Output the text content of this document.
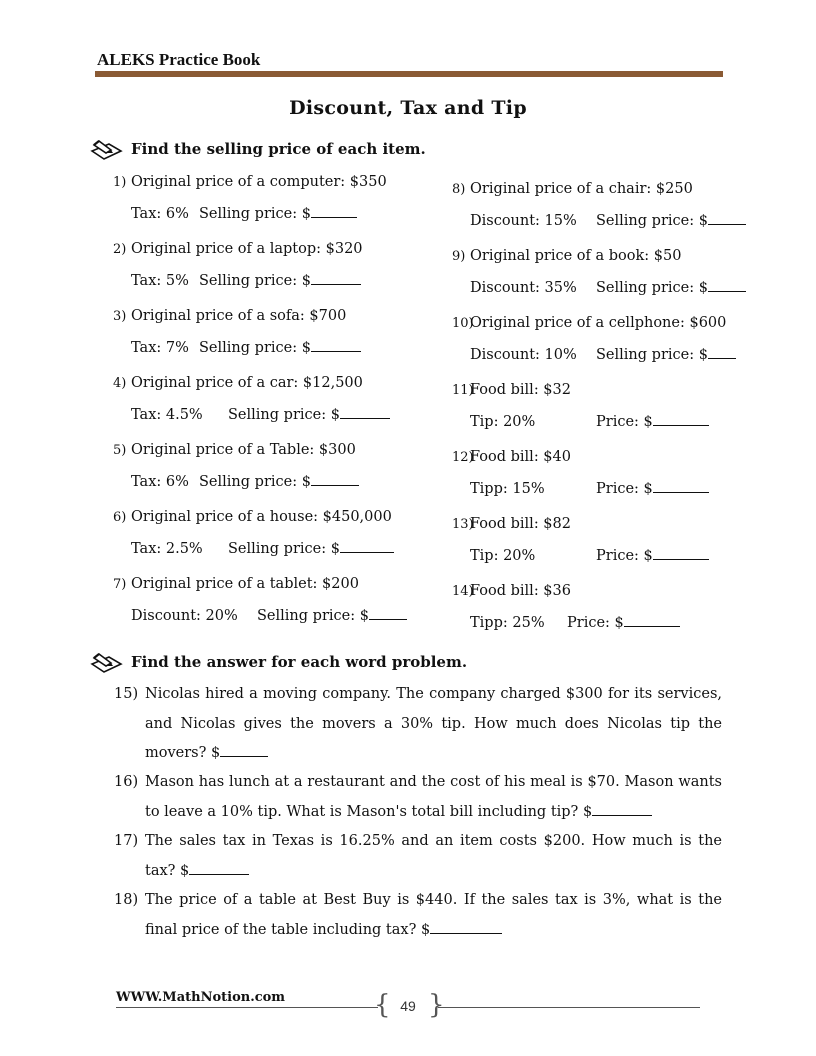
ALEKS Practice Book
Discount, Tax and Tip
Find the selling price of each item.
1) Original price of a computer: $350
Tax: 6% Selling price: $
2) Original price of a laptop: $320
Tax: 5% Selling price: $
3) Original price of a sofa: $700
Tax: 7% Selling price: $
4) Original price of a car: $12,500
Tax: 4.5% Selling price: $
5) Original price of a Table: $300
Tax: 6% Selling price: $
6) Original price of a house: $450,000
Tax: 2.5% Selling price: $
7) Original price of a tablet: $200
Discount: 20% Selling price: $
8) Original price of a chair: $250
Discount: 15% Selling price: $
9) Original price of a book: $50
Discount: 35% Selling price: $
10)Original price of a cellphone: $600
Discount: 10% Selling price: $
11)Food bill: $32
Tip: 20%	Price: $
12)Food bill: $40
Tipp: 15%	Price: $
13)Food bill: $82
Tip: 20%	Price: $
14)Food bill: $36
Tipp: 25% Price: $
Find the answer for each word problem.
15) Nicolas hired a moving company. The company charged $300 for its services, and Nicolas gives the movers a 30% tip. How much does Nicolas tip the movers? $
16) Mason has lunch at a restaurant and the cost of his meal is $70. Mason wants to leave a 10% tip. What is Mason's total bill including tip? $
17) The sales tax in Texas is 16.25% and an item costs $200. How much is the tax? $
18) The price of a table at Best Buy is $440. If the sales tax is 3%, what is the final price of the table including tax? $
WWW.MathNotion.com	{ }
49
